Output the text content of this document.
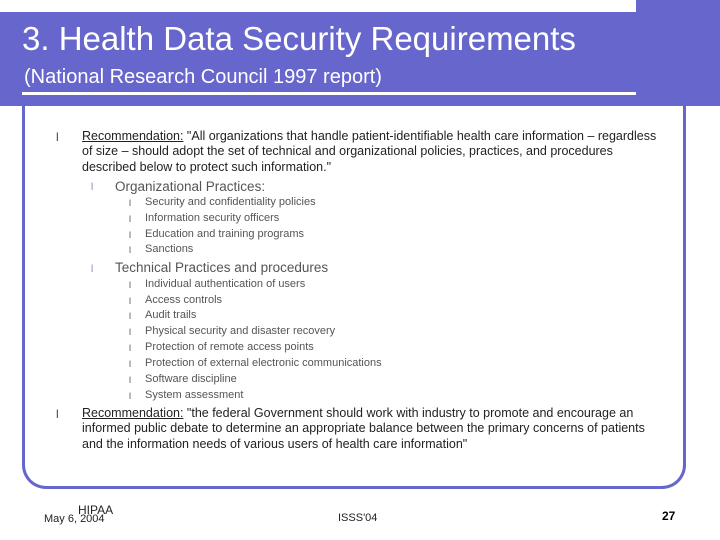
3. Health Data Security Requirements
(National Research Council 1997 report)
l Recommendation: "All organizations that handle patient-identifiable health care information – regardless of size – should adopt the set of technical and organizational policies, practices, and procedures described below to protect such information."
l Organizational Practices:
l Security and confidentiality policies
l Information security officers
l Education and training programs
l Sanctions
l Technical Practices and procedures
l Individual authentication of users
l Access controls
l Audit trails
l Physical security and disaster recovery
l Protection of remote access points
l Protection of external electronic communications
l Software discipline
l System assessment
l Recommendation: "the federal Government should work with industry to promote and encourage an informed public debate to determine an appropriate balance between the primary concerns of patients and the information needs of various users of health care information"
HIPAA
May 6, 2004	ISSS'04	27
